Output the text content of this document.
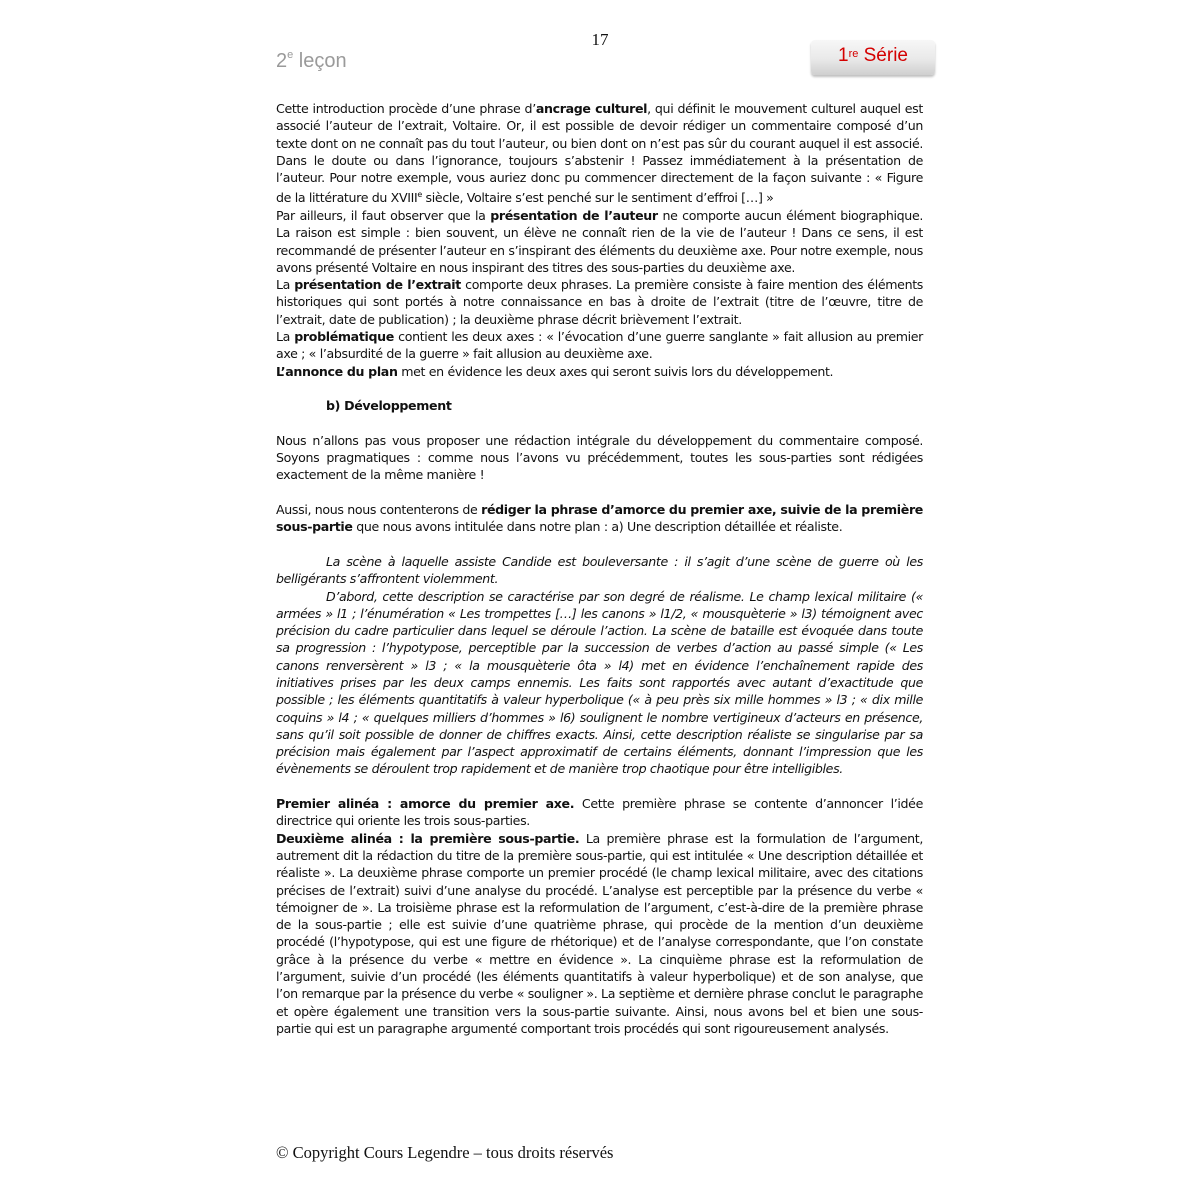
17
2e leçon	1re Série

Cette introduction procède d’une phrase d’ancrage culturel, qui définit le mouvement culturel auquel est associé l’auteur de l’extrait, Voltaire. Or, il est possible de devoir rédiger un commentaire composé d’un texte dont on ne connaît pas du tout l’auteur, ou bien dont on n’est pas sûr du courant auquel il est associé. Dans le doute ou dans l’ignorance, toujours s’abstenir ! Passez immédiatement à la présentation de l’auteur. Pour notre exemple, vous auriez donc pu commencer directement de la façon suivante : « Figure de la littérature du XVIIIe siècle, Voltaire s’est penché sur le sentiment d’effroi […] »

Par ailleurs, il faut observer que la présentation de l’auteur ne comporte aucun élément biographique. La raison est simple : bien souvent, un élève ne connaît rien de la vie de l’auteur ! Dans ce sens, il est recommandé de présenter l’auteur en s’inspirant des éléments du deuxième axe. Pour notre exemple, nous avons présenté Voltaire en nous inspirant des titres des sous-parties du deuxième axe.

La présentation de l’extrait comporte deux phrases. La première consiste à faire mention des éléments historiques qui sont portés à notre connaissance en bas à droite de l’extrait (titre de l’œuvre, titre de l’extrait, date de publication) ; la deuxième phrase décrit brièvement l’extrait.

La problématique contient les deux axes : « l’évocation d’une guerre sanglante » fait allusion au premier axe ; « l’absurdité de la guerre » fait allusion au deuxième axe.

L’annonce du plan met en évidence les deux axes qui seront suivis lors du développement.

b) Développement

Nous n’allons pas vous proposer une rédaction intégrale du développement du commentaire composé. Soyons pragmatiques : comme nous l’avons vu précédemment, toutes les sous-parties sont rédigées exactement de la même manière !

Aussi, nous nous contenterons de rédiger la phrase d’amorce du premier axe, suivie de la première sous-partie que nous avons intitulée dans notre plan : a) Une description détaillée et réaliste.

La scène à laquelle assiste Candide est bouleversante : il s’agit d’une scène de guerre où les belligérants s’affrontent violemment.

D’abord, cette description se caractérise par son degré de réalisme. Le champ lexical militaire (« armées » l1 ; l’énumération « Les trompettes […] les canons » l1/2, « mousquèterie » l3) témoignent avec précision du cadre particulier dans lequel se déroule l’action. La scène de bataille est évoquée dans toute sa progression : l’hypotypose, perceptible par la succession de verbes d’action au passé simple (« Les canons renversèrent » l3 ; « la mousquèterie ôta » l4) met en évidence l’enchaînement rapide des initiatives prises par les deux camps ennemis. Les faits sont rapportés avec autant d’exactitude que possible ; les éléments quantitatifs à valeur hyperbolique (« à peu près six mille hommes » l3 ; « dix mille coquins » l4 ; « quelques milliers d’hommes » l6) soulignent le nombre vertigineux d’acteurs en présence, sans qu’il soit possible de donner de chiffres exacts. Ainsi, cette description réaliste se singularise par sa précision mais également par l’aspect approximatif de certains éléments, donnant l’impression que les évènements se déroulent trop rapidement et de manière trop chaotique pour être intelligibles.

Premier alinéa : amorce du premier axe. Cette première phrase se contente d’annoncer l’idée directrice qui oriente les trois sous-parties.

Deuxième alinéa : la première sous-partie. La première phrase est la formulation de l’argument, autrement dit la rédaction du titre de la première sous-partie, qui est intitulée « Une description détaillée et réaliste ». La deuxième phrase comporte un premier procédé (le champ lexical militaire, avec des citations précises de l’extrait) suivi d’une analyse du procédé. L’analyse est perceptible par la présence du verbe « témoigner de ». La troisième phrase est la reformulation de l’argument, c’est-à-dire de la première phrase de la sous-partie ; elle est suivie d’une quatrième phrase, qui procède de la mention d’un deuxième procédé (l’hypotypose, qui est une figure de rhétorique) et de l’analyse correspondante, que l’on constate grâce à la présence du verbe « mettre en évidence ». La cinquième phrase est la reformulation de l’argument, suivie d’un procédé (les éléments quantitatifs à valeur hyperbolique) et de son analyse, que l’on remarque par la présence du verbe « souligner ». La septième et dernière phrase conclut le paragraphe et opère également une transition vers la sous-partie suivante. Ainsi, nous avons bel et bien une sous-partie qui est un paragraphe argumenté comportant trois procédés qui sont rigoureusement analysés.

© Copyright Cours Legendre – tous droits réservés
